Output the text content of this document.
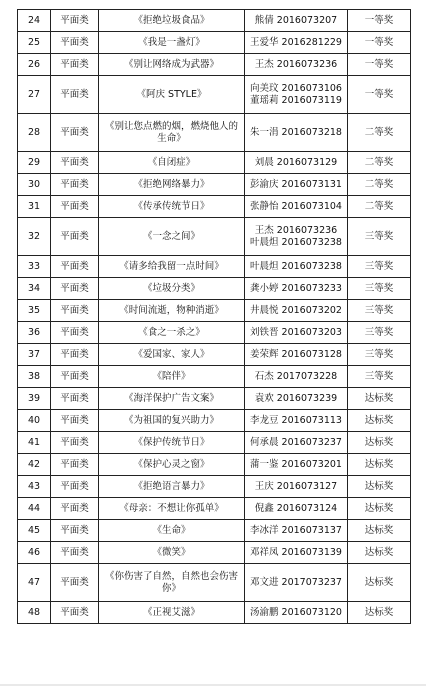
24	平面类	《拒绝垃圾食品》	熊倩 2016073207	一等奖
25	平面类	《我是一盏灯》	王爱华 2016281229	一等奖
26	平面类	《别让网络成为武器》	王杰 2016073236	一等奖
27	平面类	《阿庆 STYLE》	向美玟 2016073106
董瑶莉 2016073119	一等奖
28	平面类	《别让您点燃的烟，燃烧他人的生命》	朱一涓 2016073218	二等奖
29	平面类	《自闭症》	刘晨 2016073129	二等奖
30	平面类	《拒绝网络暴力》	彭渝庆 2016073131	二等奖
31	平面类	《传承传统节日》	张静怡 2016073104	二等奖
32	平面类	《一念之间》	王杰 2016073236
叶晨炟 2016073238	三等奖
33	平面类	《请多给我留一点时间》	叶晨炟 2016073238	三等奖
34	平面类	《垃圾分类》	龚小婷 2016073233	三等奖
35	平面类	《时间流逝，物种消逝》	井晨悦 2016073202	三等奖
36	平面类	《食之一杀之》	刘铁晋 2016073203	三等奖
37	平面类	《爱国家、家人》	姜荣辉 2016073128	三等奖
38	平面类	《陪伴》	石杰 2017073228	三等奖
39	平面类	《海洋保护广告文案》	袁欢 2016073239	达标奖
40	平面类	《为祖国的复兴助力》	李龙豆 2016073113	达标奖
41	平面类	《保护传统节日》	何承晨 2016073237	达标奖
42	平面类	《保护心灵之窗》	蒲一鉴 2016073201	达标奖
43	平面类	《拒绝语言暴力》	王庆 2016073127	达标奖
44	平面类	《母亲：不想让你孤单》	倪鑫 2016073124	达标奖
45	平面类	《生命》	李冰洋 2016073137	达标奖
46	平面类	《微笑》	邓祥凤 2016073139	达标奖
47	平面类	《你伤害了自然，自然也会伤害你》	邓文进 2017073237	达标奖
48	平面类	《正视艾滋》	汤渝鹏 2016073120	达标奖
